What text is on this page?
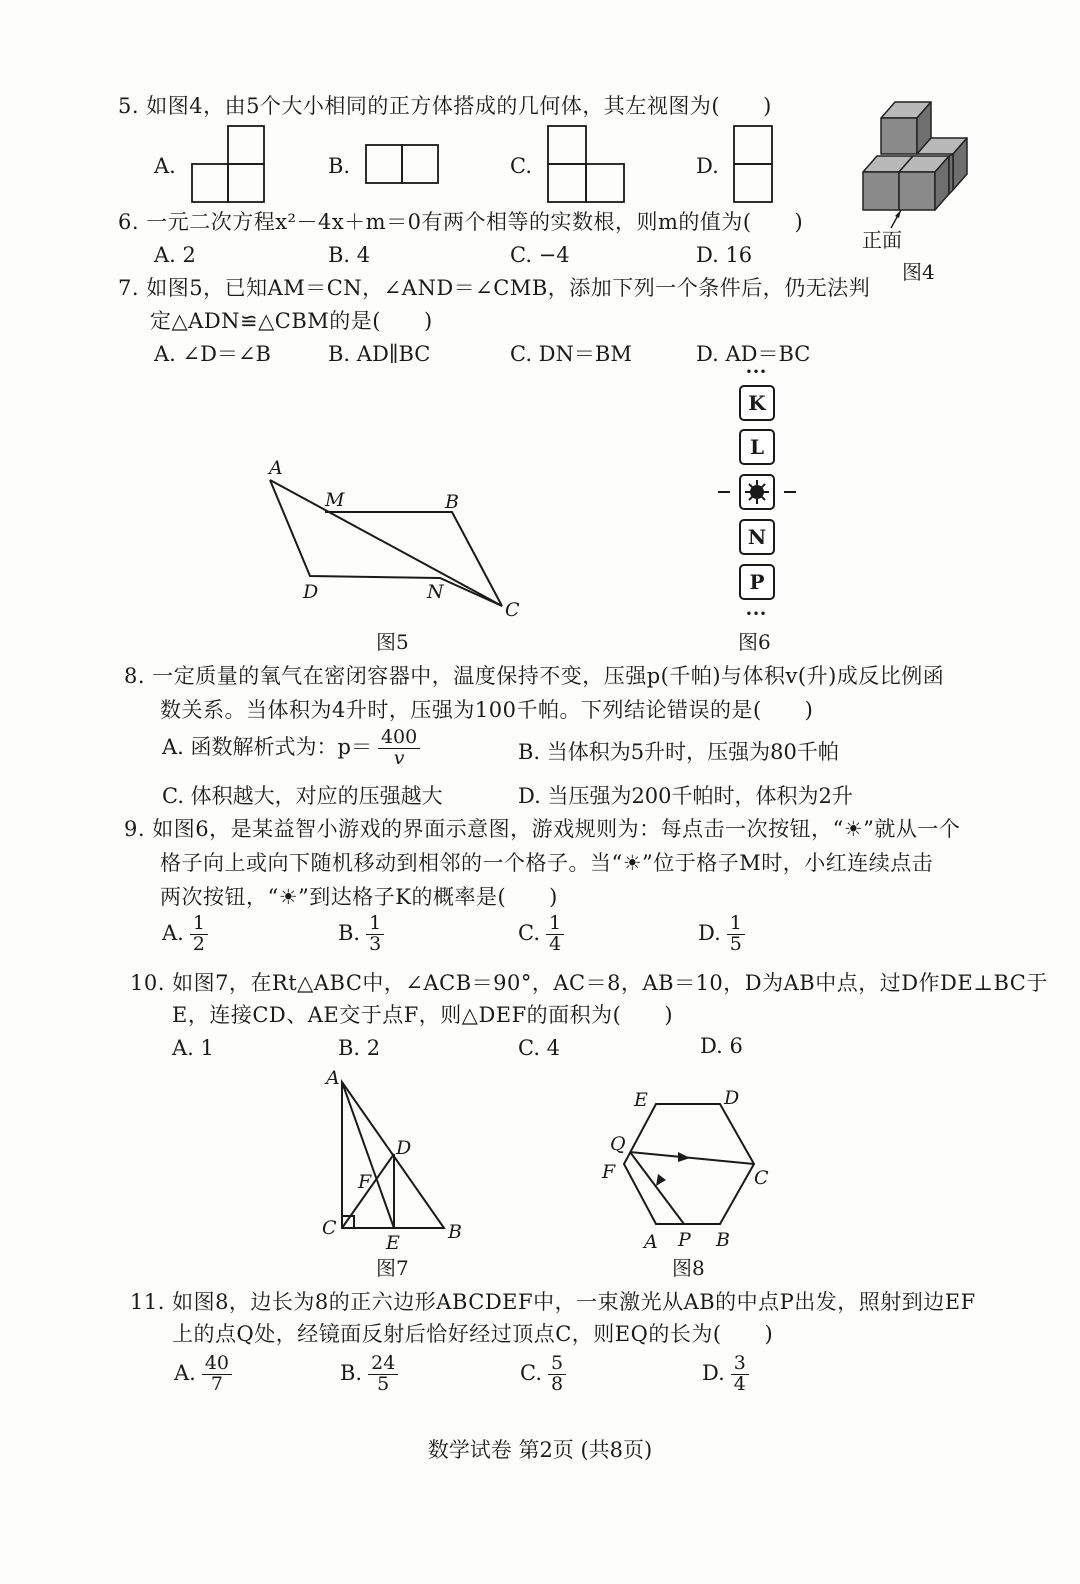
5. 如图4，由5个大小相同的正方体搭成的几何体，其左视图为(　　)
A.	B.	C.	D.
正面
图4
6. 一元二次方程x²－4x＋m＝0有两个相等的实数根，则m的值为(　　)
A. 2	B. 4	C. −4	D. 16
7. 如图5，已知AM＝CN，∠AND＝∠CMB，添加下列一个条件后，仍无法判
定△ADN≌△CBM的是(　　)
A. ∠D＝∠B	B. AD∥BC	C. DN＝BM	D. AD＝BC
A
M	B
D	N
C
图5
•••
K
L
N
P
•••
图6
8. 一定质量的氧气在密闭容器中，温度保持不变，压强p(千帕)与体积v(升)成反比例函
数关系。当体积为4升时，压强为100千帕。下列结论错误的是(　　)
A. 函数解析式为：$p= \frac{400}{v}$	B. 当体积为5升时，压强为80千帕
C. 体积越大，对应的压强越大	D. 当压强为200千帕时，体积为2升
9. 如图6，是某益智小游戏的界面示意图，游戏规则为：每点击一次按钮，“☀”就从一个
格子向上或向下随机移动到相邻的一个格子。当“☀”位于格子M时，小红连续点击
两次按钮，“☀”到达格子K的概率是(　　)
A. $\frac{1}{2}$	B. $\frac{1}{3}$	C. $\frac{1}{4}$	D. $\frac{1}{5}$
10. 如图7，在Rt△ABC中，∠ACB＝90°，AC＝8，AB＝10，D为AB中点，过D作DE⊥BC于
E，连接CD、AE交于点F，则△DEF的面积为(　　)
A. 1	B. 2	C. 4	D. 6
A
D
F
C
E	B
图7
E	D
Q
F	C
A P B
图8
11. 如图8，边长为8的正六边形ABCDEF中，一束激光从AB的中点P出发，照射到边EF
上的点Q处，经镜面反射后恰好经过顶点C，则EQ的长为(　　)
A. $\frac{40}{7}$	B. $\frac{24}{5}$	C. $\frac{5}{8}$	D. $\frac{3}{4}$
数学试卷 第2页 (共8页)
